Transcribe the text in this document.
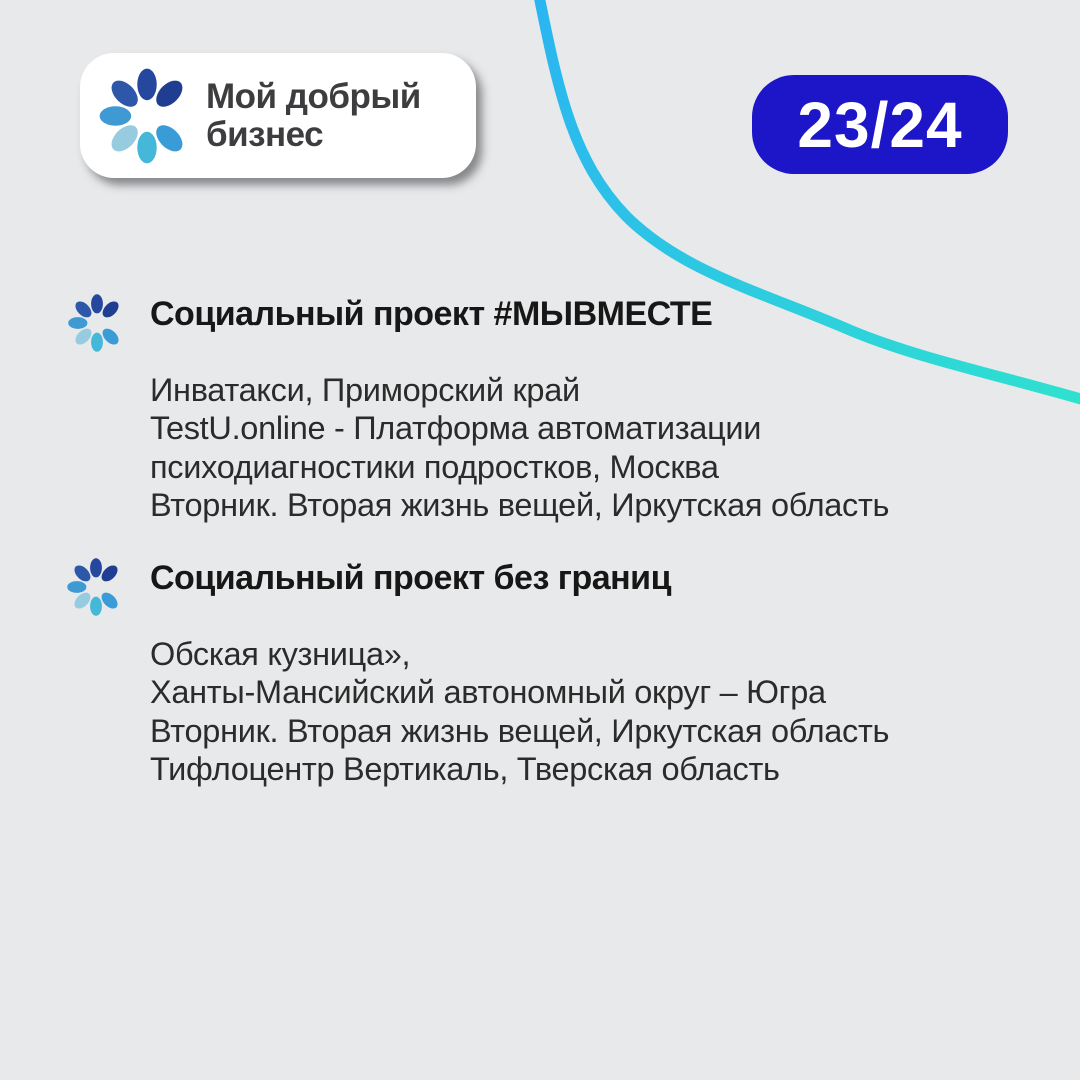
Мой добрый
бизнес	23/24
Социальный проект #МЫВМЕСТЕ
Инватакси, Приморский край
TestU.online - Платформа автоматизации
психодиагностики подростков, Москва
Вторник. Вторая жизнь вещей, Иркутская область
Социальный проект без границ
Обская кузница»,
Ханты-Мансийский автономный округ – Югра
Вторник. Вторая жизнь вещей, Иркутская область
Тифлоцентр Вертикаль, Тверская область
